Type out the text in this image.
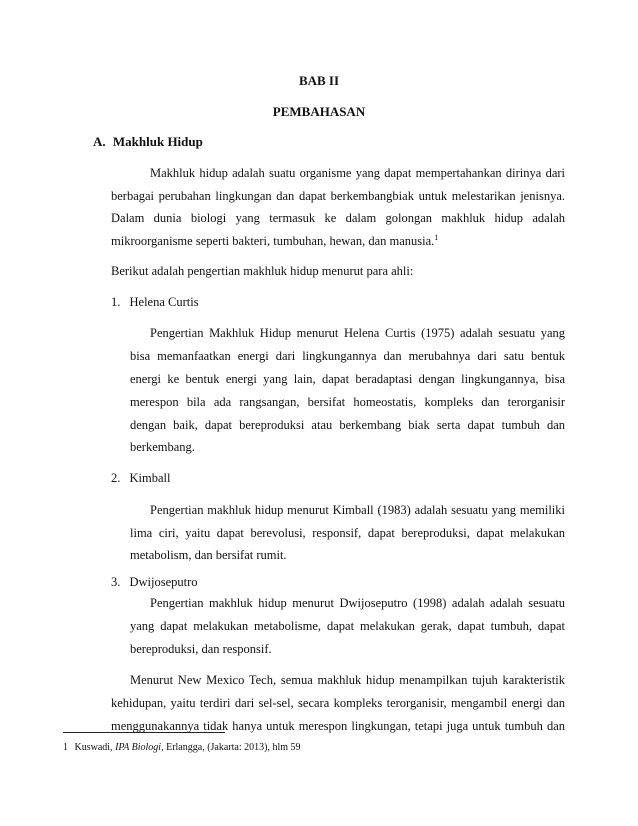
BAB II
PEMBAHASAN
A. Makhluk Hidup
Makhluk hidup adalah suatu organisme yang dapat mempertahankan dirinya dari
berbagai perubahan lingkungan dan dapat berkembangbiak untuk melestarikan jenisnya.
Dalam dunia biologi yang termasuk ke dalam golongan makhluk hidup adalah
mikroorganisme seperti bakteri, tumbuhan, hewan, dan manusia.$^1$
Berikut adalah pengertian makhluk hidup menurut para ahli:
1. Helena Curtis
Pengertian Makhluk Hidup menurut Helena Curtis (1975) adalah sesuatu yang
bisa memanfaatkan energi dari lingkungannya dan merubahnya dari satu bentuk
energi ke bentuk energi yang lain, dapat beradaptasi dengan lingkungannya, bisa
merespon bila ada rangsangan, bersifat homeostatis, kompleks dan terorganisir
dengan baik, dapat bereproduksi atau berkembang biak serta dapat tumbuh dan
berkembang.
2. Kimball
Pengertian makhluk hidup menurut Kimball (1983) adalah sesuatu yang memiliki
lima ciri, yaitu dapat berevolusi, responsif, dapat bereproduksi, dapat melakukan
metabolism, dan bersifat rumit.
3. Dwijoseputro
Pengertian makhluk hidup menurut Dwijoseputro (1998) adalah adalah sesuatu
yang dapat melakukan metabolisme, dapat melakukan gerak, dapat tumbuh, dapat
bereproduksi, dan responsif.
Menurut New Mexico Tech, semua makhluk hidup menampilkan tujuh karakteristik
kehidupan, yaitu terdiri dari sel-sel, secara kompleks terorganisir, mengambil energi dan
menggunakannya tidak hanya untuk merespon lingkungan, tetapi juga untuk tumbuh dan
1 Kuswadi, IPA Biologi, Erlangga, (Jakarta: 2013), hlm 59
